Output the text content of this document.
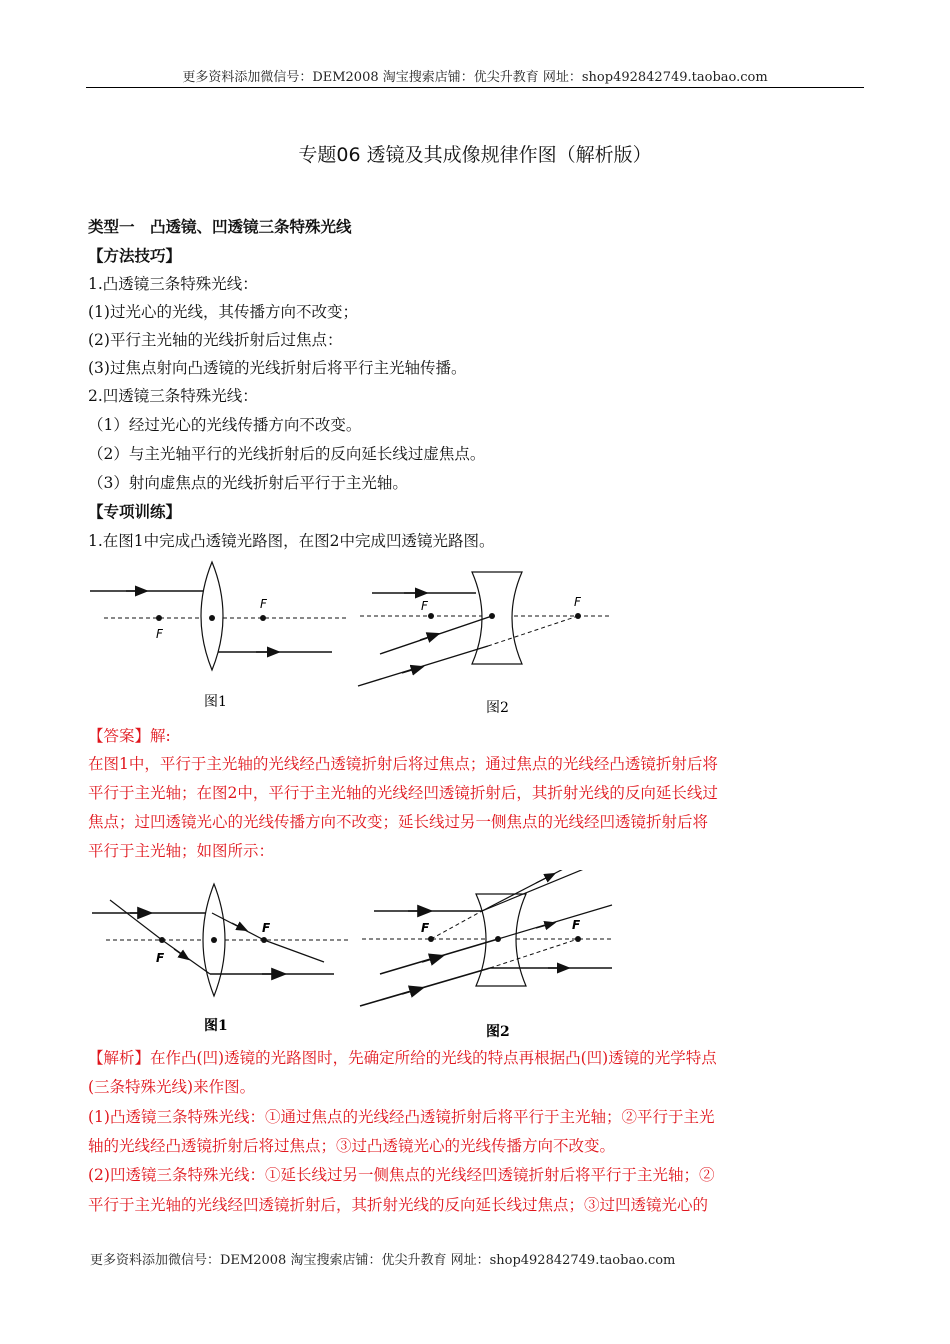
更多资料添加微信号：DEM2008 淘宝搜索店铺：优尖升教育 网址：shop492842749.taobao.com
专题06 透镜及其成像规律作图（解析版）
类型一　凸透镜、凹透镜三条特殊光线
【方法技巧】
1.凸透镜三条特殊光线：
(1)过光心的光线，其传播方向不改变；
(2)平行主光轴的光线折射后过焦点：
(3)过焦点射向凸透镜的光线折射后将平行主光轴传播。
2.凹透镜三条特殊光线：
（1）经过光心的光线传播方向不改变。
（2）与主光轴平行的光线折射后的反向延长线过虚焦点。
（3）射向虚焦点的光线折射后平行于主光轴。
【专项训练】
1.在图1中完成凸透镜光路图，在图2中完成凹透镜光路图。
F
F
图1
F	F
图2
【答案】解:
在图1中，平行于主光轴的光线经凸透镜折射后将过焦点；通过焦点的光线经凸透镜折射后将
平行于主光轴；在图2中，平行于主光轴的光线经凹透镜折射后，其折射光线的反向延长线过
焦点；过凹透镜光心的光线传播方向不改变；延长线过另一侧焦点的光线经凹透镜折射后将
平行于主光轴；如图所示：
F
F
图1
F	F
图2
【解析】在作凸(凹)透镜的光路图时，先确定所给的光线的特点再根据凸(凹)透镜的光学特点
(三条特殊光线)来作图。
(1)凸透镜三条特殊光线：①通过焦点的光线经凸透镜折射后将平行于主光轴；②平行于主光
轴的光线经凸透镜折射后将过焦点；③过凸透镜光心的光线传播方向不改变。
(2)凹透镜三条特殊光线：①延长线过另一侧焦点的光线经凹透镜折射后将平行于主光轴；②
平行于主光轴的光线经凹透镜折射后，其折射光线的反向延长线过焦点；③过凹透镜光心的
更多资料添加微信号：DEM2008 淘宝搜索店铺：优尖升教育 网址：shop492842749.taobao.com
